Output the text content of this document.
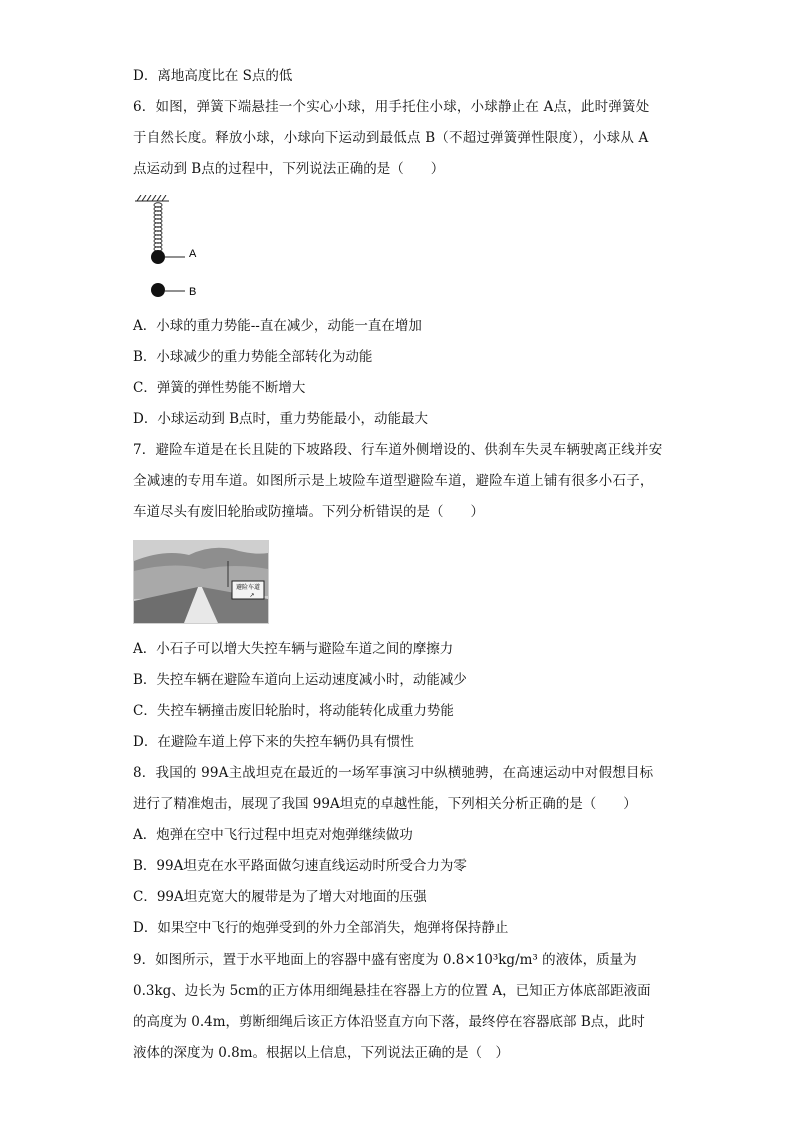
D．离地高度比在 S点的低
6．如图，弹簧下端悬挂一个实心小球，用手托住小球，小球静止在 A点，此时弹簧处
于自然长度。释放小球，小球向下运动到最低点 B（不超过弹簧弹性限度），小球从 A
点运动到 B点的过程中，下列说法正确的是（　　）
A
B
A．小球的重力势能--直在减少，动能一直在增加
B．小球减少的重力势能全部转化为动能
C．弹簧的弹性势能不断增大
D．小球运动到 B点时，重力势能最小，动能最大
7．避险车道是在长且陡的下坡路段、行车道外侧增设的、供刹车失灵车辆驶离正线并安
全减速的专用车道。如图所示是上坡险车道型避险车道，避险车道上铺有很多小石子，
车道尽头有废旧轮胎或防撞墙。下列分析错误的是（　　）
避险车道
↗
A．小石子可以增大失控车辆与避险车道之间的摩擦力
B．失控车辆在避险车道向上运动速度减小时，动能减少
C．失控车辆撞击废旧轮胎时，将动能转化成重力势能
D．在避险车道上停下来的失控车辆仍具有惯性
8．我国的 99A主战坦克在最近的一场军事演习中纵横驰骋，在高速运动中对假想目标
进行了精准炮击，展现了我国 99A坦克的卓越性能，下列相关分析正确的是（　　）
A．炮弹在空中飞行过程中坦克对炮弹继续做功
B．99A坦克在水平路面做匀速直线运动时所受合力为零
C．99A坦克宽大的履带是为了增大对地面的压强
D．如果空中飞行的炮弹受到的外力全部消失，炮弹将保持静止
9．如图所示，置于水平地面上的容器中盛有密度为 0.8×10³kg/m³ 的液体，质量为
0.3kg、边长为 5cm的正方体用细绳悬挂在容器上方的位置 A，已知正方体底部距液面
的高度为 0.4m，剪断细绳后该正方体沿竖直方向下落，最终停在容器底部 B点，此时
液体的深度为 0.8m。根据以上信息，下列说法正确的是（　）
